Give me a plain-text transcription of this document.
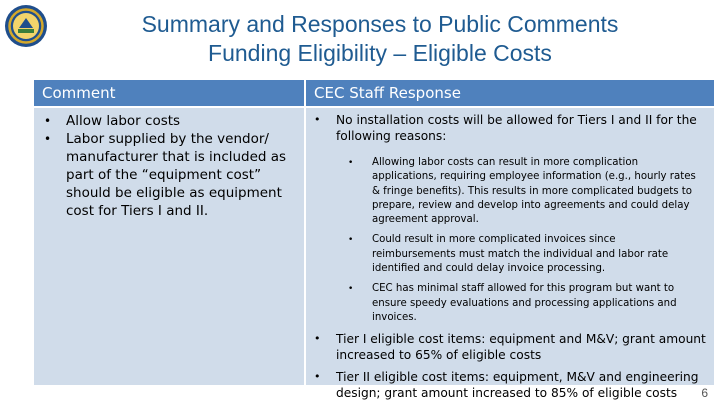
Summary and Responses to Public Comments
Funding Eligibility – Eligible Costs
Comment	CEC Staff Response
• Allow labor costs
• Labor supplied by the vendor/ manufacturer that is included as part of the “equipment cost” should be eligible as equipment cost for Tiers I and II.
• No installation costs will be allowed for Tiers I and II for the following reasons:
• Allowing labor costs can result in more complication applications, requiring employee information (e.g., hourly rates & fringe benefits). This results in more complicated budgets to prepare, review and develop into agreements and could delay agreement approval.
• Could result in more complicated invoices since reimbursements must match the individual and labor rate identified and could delay invoice processing.
• CEC has minimal staff allowed for this program but want to ensure speedy evaluations and processing applications and invoices.
• Tier I eligible cost items: equipment and M&V; grant amount increased to 65% of eligible costs
• Tier II eligible cost items: equipment, M&V and engineering design; grant amount increased to 85% of eligible costs	6
